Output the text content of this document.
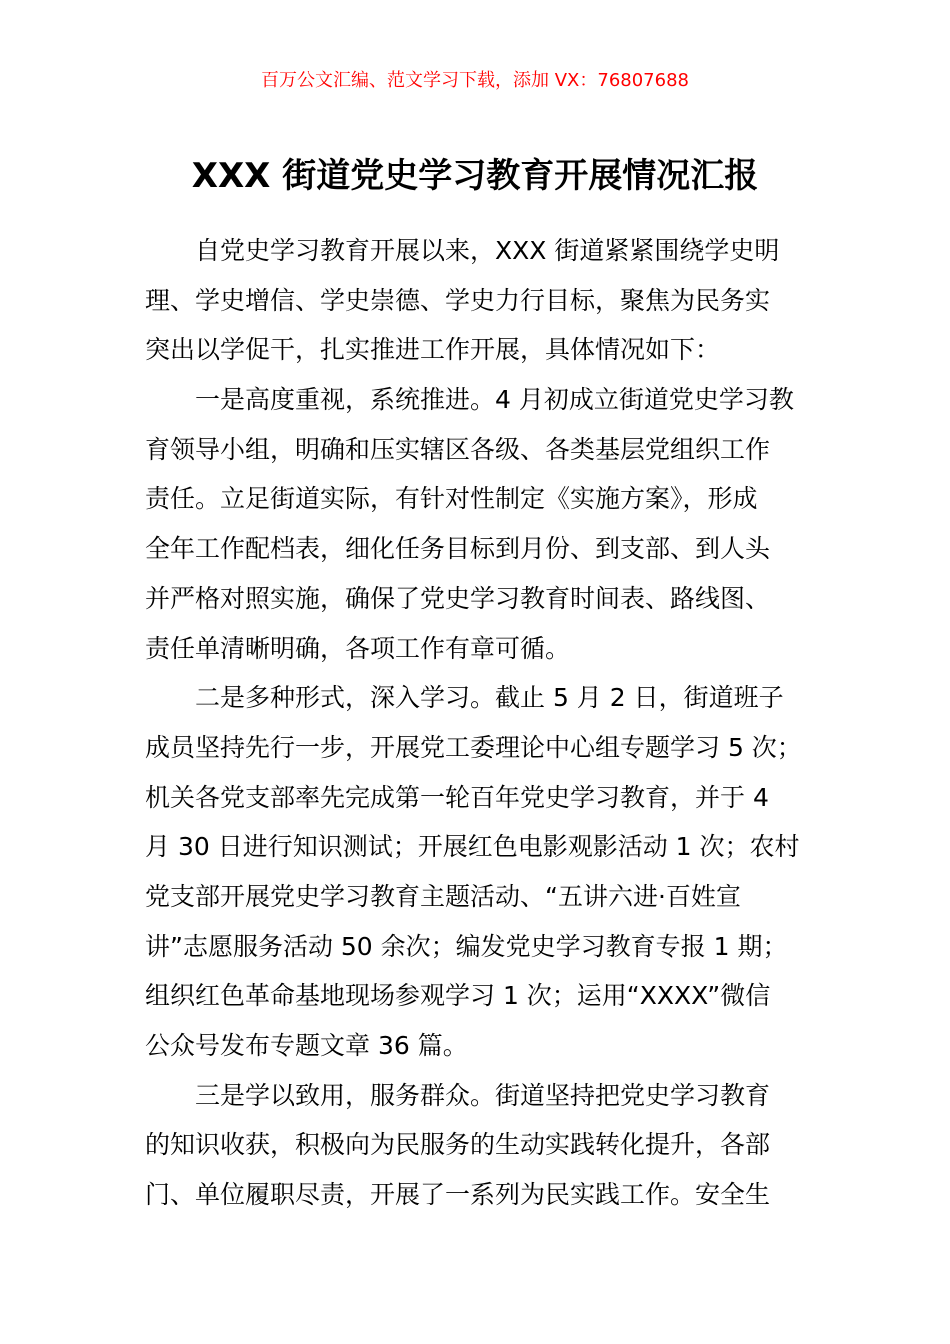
百万公文汇编、范文学习下载，添加 VX：76807688
XXX 街道党史学习教育开展情况汇报

自党史学习教育开展以来，XXX 街道紧紧围绕学史明
理、学史增信、学史崇德、学史力行目标，聚焦为民务实
突出以学促干，扎实推进工作开展，具体情况如下：

一是高度重视，系统推进。4 月初成立街道党史学习教
育领导小组，明确和压实辖区各级、各类基层党组织工作
责任。立足街道实际，有针对性制定《实施方案》，形成
全年工作配档表，细化任务目标到月份、到支部、到人头
并严格对照实施，确保了党史学习教育时间表、路线图、
责任单清晰明确，各项工作有章可循。

二是多种形式，深入学习。截止 5 月 2 日，街道班子
成员坚持先行一步，开展党工委理论中心组专题学习 5 次；
机关各党支部率先完成第一轮百年党史学习教育，并于 4
月 30 日进行知识测试；开展红色电影观影活动 1 次；农村
党支部开展党史学习教育主题活动、“五讲六进·百姓宣
讲”志愿服务活动 50 余次；编发党史学习教育专报 1 期；
组织红色革命基地现场参观学习 1 次；运用“XXXX”微信
公众号发布专题文章 36 篇。

三是学以致用，服务群众。街道坚持把党史学习教育
的知识收获，积极向为民服务的生动实践转化提升，各部
门、单位履职尽责，开展了一系列为民实践工作。安全生
